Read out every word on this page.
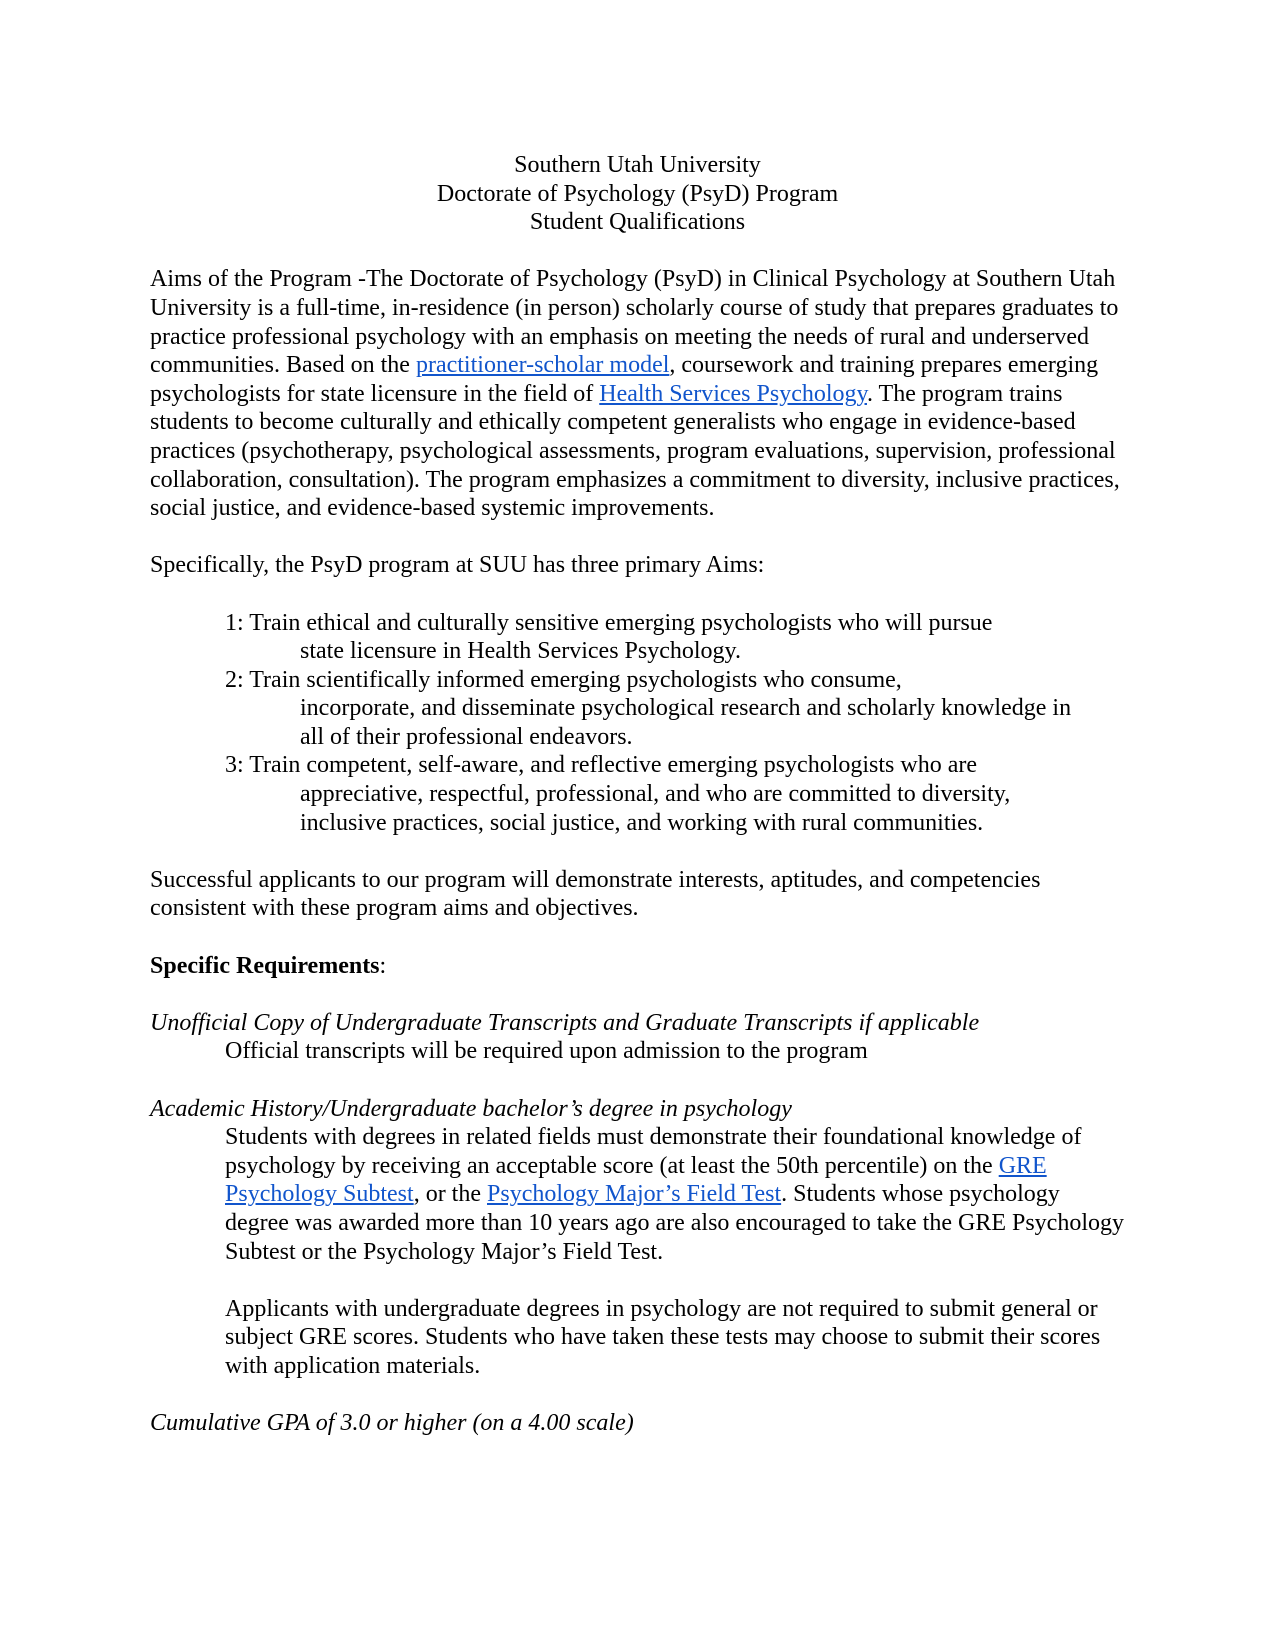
Southern Utah University
Doctorate of Psychology (PsyD) Program
Student Qualifications

Aims of the Program -The Doctorate of Psychology (PsyD) in Clinical Psychology at Southern Utah University is a full-time, in-residence (in person) scholarly course of study that prepares graduates to practice professional psychology with an emphasis on meeting the needs of rural and underserved communities. Based on the practitioner-scholar model, coursework and training prepares emerging psychologists for state licensure in the field of Health Services Psychology. The program trains students to become culturally and ethically competent generalists who engage in evidence-based practices (psychotherapy, psychological assessments, program evaluations, supervision, professional collaboration, consultation). The program emphasizes a commitment to diversity, inclusive practices, social justice, and evidence-based systemic improvements.

Specifically, the PsyD program at SUU has three primary Aims:

1: Train ethical and culturally sensitive emerging psychologists who will pursue
state licensure in Health Services Psychology.
2: Train scientifically informed emerging psychologists who consume,
incorporate, and disseminate psychological research and scholarly knowledge in
all of their professional endeavors.
3: Train competent, self-aware, and reflective emerging psychologists who are
appreciative, respectful, professional, and who are committed to diversity,
inclusive practices, social justice, and working with rural communities.

Successful applicants to our program will demonstrate interests, aptitudes, and competencies consistent with these program aims and objectives.

Specific Requirements:

Unofficial Copy of Undergraduate Transcripts and Graduate Transcripts if applicable

Official transcripts will be required upon admission to the program

Academic History/Undergraduate bachelor’s degree in psychology

Students with degrees in related fields must demonstrate their foundational knowledge of psychology by receiving an acceptable score (at least the 50th percentile) on the GRE Psychology Subtest, or the Psychology Major’s Field Test. Students whose psychology degree was awarded more than 10 years ago are also encouraged to take the GRE Psychology Subtest or the Psychology Major’s Field Test.

Applicants with undergraduate degrees in psychology are not required to submit general or subject GRE scores. Students who have taken these tests may choose to submit their scores with application materials.

Cumulative GPA of 3.0 or higher (on a 4.00 scale)
